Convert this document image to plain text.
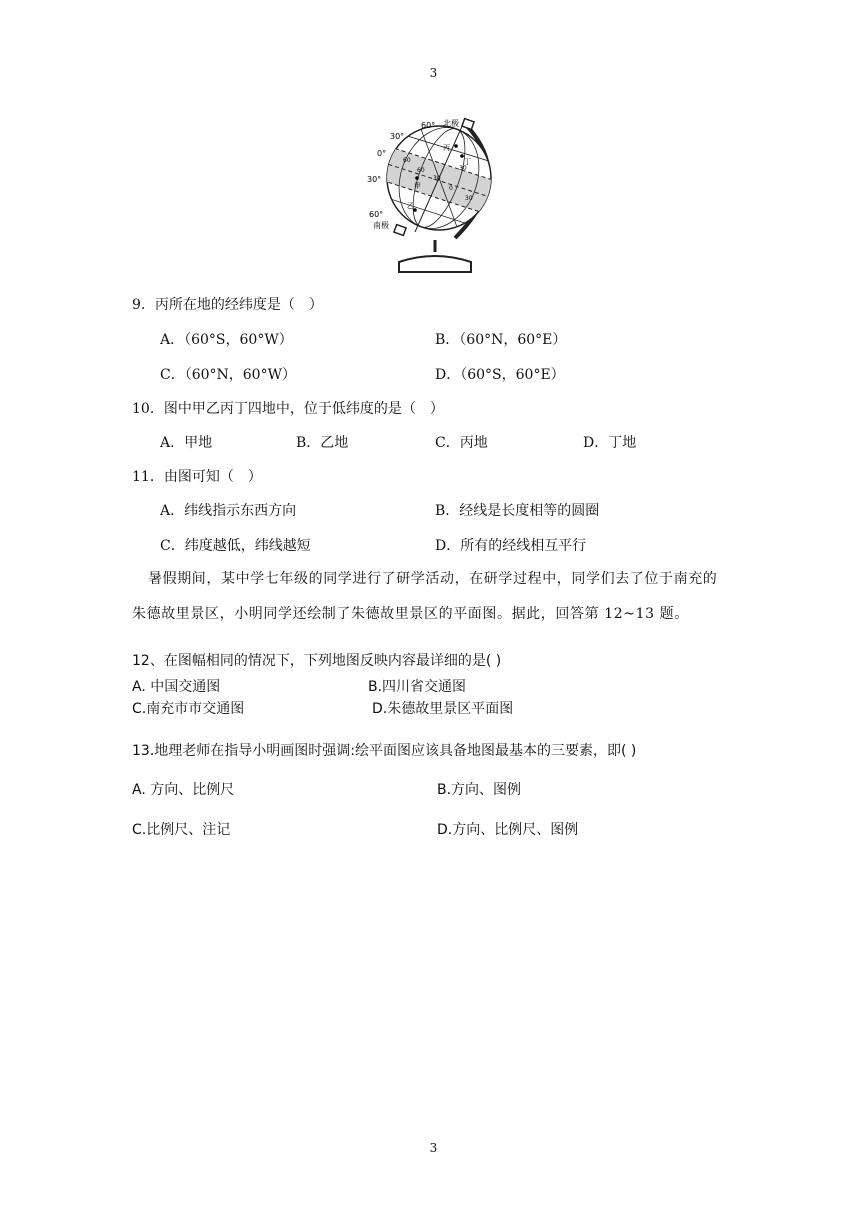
3
60° 北极
30°
0°
30°
60°
南极
丙
丁
甲
乙
60
60
30
0
30
30
9．丙所在地的经纬度是（　）
A．（60°S，60°W）	B．（60°N，60°E）
C．（60°N，60°W）	D．（60°S，60°E）
10．图中甲乙丙丁四地中，位于低纬度的是（　）
A．甲地	B．乙地	C．丙地	D．丁地
11．由图可知（　）
A．纬线指示东西方向	B．经线是长度相等的圆圈
C．纬度越低，纬线越短	D．所有的经线相互平行
暑假期间，某中学七年级的同学进行了研学活动，在研学过程中，同学们去了位于南充的
朱德故里景区，小明同学还绘制了朱德故里景区的平面图。据此，回答第 12~13 题。
12、在图幅相同的情况下，下列地图反映内容最详细的是( )
A. 中国交通图	B.四川省交通图
C.南充市市交通图	D.朱德故里景区平面图
13.地理老师在指导小明画图时强调:绘平面图应该具备地图最基本的三要素，即( )
A. 方向、比例尺	B.方向、图例
C.比例尺、注记	D.方向、比例尺、图例
3
